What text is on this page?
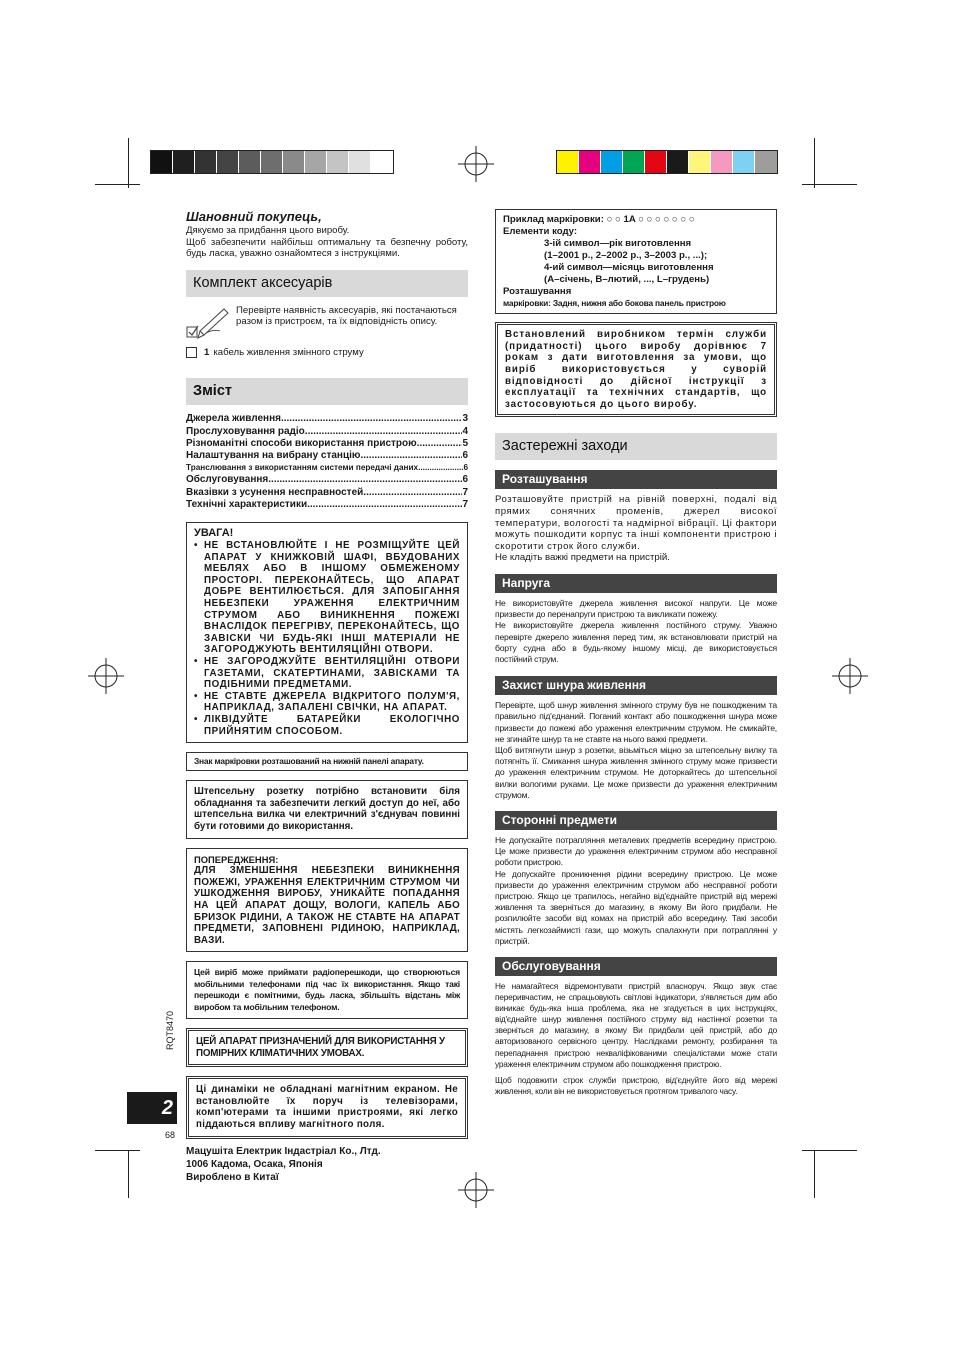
Шановний покупець,
Дякуємо за придбання цього виробу.
Щоб забезпечити найбільш оптимальну та безпечну роботу, будь ласка, уважно ознайомтеся з інструкціями.
Комплект аксесуарів
Перевірте наявність аксесуарів, які постачаються разом із пристроєм, та їх відповідність опису.
1 кабель живлення змінного струму
Зміст
Джерела живлення .....	3
Прослуховування радіо .....	4
Різноманітні способи використання пристрою .....	5
Налаштування на вибрану станцію .....	6
Транслювання з використанням системи передачі даних .....	6
Обслуговування .....	6
Вказівки з усунення несправностей .....	7
Технічні характеристики .....	7
УВАГА!
• НЕ ВСТАНОВЛЮЙТЕ І НЕ РОЗМІЩУЙТЕ ЦЕЙ АПАРАТ У КНИЖКОВІЙ ШАФІ, ВБУДОВАНИХ МЕБЛЯХ АБО В ІНШОМУ ОБМЕЖЕНОМУ ПРОСТОРІ. ПЕРЕКОНАЙТЕСЬ, ЩО АПАРАТ ДОБРЕ ВЕНТИЛЮЄТЬСЯ. ДЛЯ ЗАПОБІГАННЯ НЕБЕЗПЕКИ УРАЖЕННЯ ЕЛЕКТРИЧНИМ СТРУМОМ АБО ВИНИКНЕННЯ ПОЖЕЖІ ВНАСЛІДОК ПЕРЕГРІВУ, ПЕРЕКОНАЙТЕСЬ, ЩО ЗАВІСКИ ЧИ БУДЬ-ЯКІ ІНШІ МАТЕРІАЛИ НЕ ЗАГОРОДЖУЮТЬ ВЕНТИЛЯЦІЙНІ ОТВОРИ.
• НЕ ЗАГОРОДЖУЙТЕ ВЕНТИЛЯЦІЙНІ ОТВОРИ ГАЗЕТАМИ, СКАТЕРТИНАМИ, ЗАВІСКАМИ ТА ПОДІБНИМИ ПРЕДМЕТАМИ.
• НЕ СТАВТЕ ДЖЕРЕЛА ВІДКРИТОГО ПОЛУМ'Я, НАПРИКЛАД, ЗАПАЛЕНІ СВІЧКИ, НА АПАРАТ.
• ЛІКВІДУЙТЕ БАТАРЕЙКИ ЕКОЛОГІЧНО ПРИЙНЯТИМ СПОСОБОМ.
Знак маркіровки розташований на нижній панелі апарату.
Штепсельну розетку потрібно встановити біля обладнання та забезпечити легкий доступ до неї, або штепсельна вилка чи електричний з'єднувач повинні бути готовими до використання.
ПОПЕРЕДЖЕННЯ:
ДЛЯ ЗМЕНШЕННЯ НЕБЕЗПЕКИ ВИНИКНЕННЯ ПОЖЕЖІ, УРАЖЕННЯ ЕЛЕКТРИЧНИМ СТРУМОМ ЧИ УШКОДЖЕННЯ ВИРОБУ, УНИКАЙТЕ ПОПАДАННЯ НА ЦЕЙ АПАРАТ ДОЩУ, ВОЛОГИ, КАПЕЛЬ АБО БРИЗОК РІДИНИ, А ТАКОЖ НЕ СТАВТЕ НА АПАРАТ ПРЕДМЕТИ, ЗАПОВНЕНІ РІДИНОЮ, НАПРИКЛАД, ВАЗИ.
Цей виріб може приймати радіоперешкоди, що створюються мобільними телефонами під час їх використання. Якщо такі перешкоди є помітними, будь ласка, збільшіть відстань між виробом та мобільним телефоном.
ЦЕЙ АПАРАТ ПРИЗНАЧЕНИЙ ДЛЯ ВИКОРИСТАННЯ У ПОМІРНИХ КЛІМАТИЧНИХ УМОВАХ.
Ці динаміки не обладнані магнітним екраном. Не встановлюйте їх поруч із телевізорами, комп'ютерами та іншими пристроями, які легко піддаються впливу магнітного поля.
Мацушіта Електрик Індастріал Ко., Лтд.
1006 Кадома, Осака, Японія
Вироблено в Китаї
RQT8470
2
68
Приклад маркіровки: ○ ○ 1A ○ ○ ○ ○ ○ ○ ○
Елементи коду:
3-ій символ—рік виготовлення
(1–2001 р., 2–2002 р., 3–2003 р., ...);
4-ий символ—місяць виготовлення
(А–січень, В–лютий, ..., L–грудень)
Розташування
маркіровки: Задня, нижня або бокова панель пристрою
Встановлений виробником термін служби (придатності) цього виробу дорівнює 7 рокам з дати виготовлення за умови, що виріб використовується у суворій відповідності до дійсної інструкції з експлуатації та технічних стандартів, що застосовуються до цього виробу.
Застережні заходи
Розташування
Розташовуйте пристрій на рівній поверхні, подалі від прямих сонячних променів, джерел високої температури, вологості та надмірної вібрації. Ці фактори можуть пошкодити корпус та інші компоненти пристрою і скоротити строк його служби.
Не кладіть важкі предмети на пристрій.
Напруга
Не використовуйте джерела живлення високої напруги. Це може призвести до перенапруги пристрою та викликати пожежу.
Не використовуйте джерела живлення постійного струму. Уважно перевірте джерело живлення перед тим, як встановлювати пристрій на борту судна або в будь-якому іншому місці, де використовується постійний струм.
Захист шнура живлення
Перевірте, щоб шнур живлення змінного струму був не пошкодженим та правильно під'єднаний. Поганий контакт або пошкодження шнура може призвести до пожежі або ураження електричним струмом. Не смикайте, не згинайте шнур та не ставте на нього важкі предмети.
Щоб витягнути шнур з розетки, візьміться міцно за штепсельну вилку та потягніть її. Смикання шнура живлення змінного струму може призвести до ураження електричним струмом. Не доторкайтесь до штепсельної вилки вологими руками. Це може призвести до ураження електричним струмом.
Сторонні предмети
Не допускайте потрапляння металевих предметів всередину пристрою. Це може призвести до ураження електричним струмом або несправної роботи пристрою.
Не допускайте проникнення рідини всередину пристрою. Це може призвести до ураження електричним струмом або несправної роботи пристрою. Якщо це трапилось, негайно від'єднайте пристрій від мережі живлення та зверніться до магазину, в якому Ви його придбали. Не розпилюйте засоби від комах на пристрій або всередину. Такі засоби містять легкозаймисті гази, що можуть спалахнути при потраплянні у пристрій.
Обслуговування
Не намагайтеся відремонтувати пристрій власноруч. Якщо звук стає переривчастим, не спрацьовують світлові індикатори, з'являється дим або виникає будь-яка інша проблема, яка не згадується в цих інструкціях, від'єднайте шнур живлення постійного струму від настінної розетки та зверніться до магазину, в якому Ви придбали цей пристрій, або до авторизованого сервісного центру. Наслідками ремонту, розбирання та перепаднання пристрою некваліфікованими спеціалістами може стати ураження електричним струмом або пошкодження пристрою.
Щоб подовжити строк служби пристрою, від'єднуйте його від мережі живлення, коли він не використовується протягом тривалого часу.
